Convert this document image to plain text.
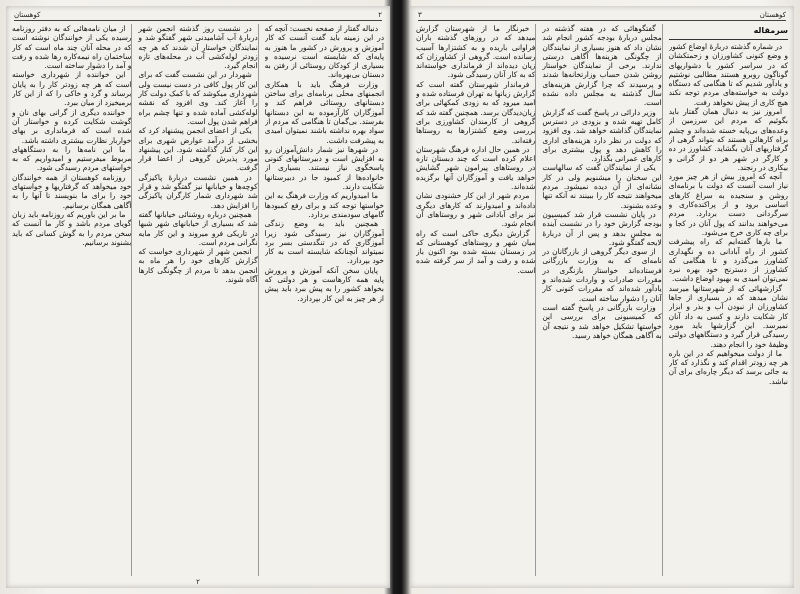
۲
کوهستان

دنباله گفتار از صفحه نخست: آنچه که در این زمینه باید گفت آنست که کار آموزش و پرورش در کشور ما هنوز به پایه‌ای که شایسته است نرسیده و بسیاری از کودکان روستائی از رفتن به دبستان بی‌بهره‌اند.

وزارت فرهنگ باید با همکاری انجمنهای محلی برنامه‌ای برای ساختن دبستانهای روستائی فراهم کند و آموزگاران کارآزموده به این دبستانها بفرستد. بی‌گمان تا هنگامی که مردم از سواد بهره نداشته باشند نمیتوان امیدی به پیشرفت داشت.

در شهرها نیز شمار دانش‌آموزان رو به افزایش است و دبیرستانهای کنونی پاسخگوی نیاز نیستند. بسیاری از خانواده‌ها از کمبود جا در دبیرستانها شکایت دارند.

ما امیدواریم که وزارت فرهنگ به این خواستها توجه کند و برای رفع کمبودها گامهای سودمندی بردارد.

همچنین باید به وضع زندگی آموزگاران نیز رسیدگی شود زیرا آموزگاری که در تنگدستی بسر برد نمیتواند آنچنانکه شایسته است به کار خود بپردازد.

پایان سخن آنکه آموزش و پرورش پایه همه کارهاست و هر دولتی که بخواهد کشور را به پیش ببرد باید پیش از هر چیز به این کار بپردازد.

در نشست روز گذشته انجمن شهر دربارهٔ آب آشامیدنی شهر گفتگو شد و نمایندگان خواستار آن شدند که هر چه زودتر لوله‌کشی آب در محله‌های تازه انجام گیرد.

شهردار در این نشست گفت که برای این کار پول کافی در دست نیست ولی شهرداری میکوشد که با کمک دولت کار را آغاز کند. وی افزود که نقشه لوله‌کشی آماده شده و تنها چشم براه فراهم شدن پول است.

یکی از اعضای انجمن پیشنهاد کرد که بخشی از درآمد عوارض شهری برای این کار کنار گذاشته شود. این پیشنهاد مورد پذیرش گروهی از اعضا قرار گرفت.

در همین نشست دربارهٔ پاکیزگی کوچه‌ها و خیابانها نیز گفتگو شد و قرار شد شهرداری شمار کارگران پاکیزگی را افزایش دهد.

همچنین درباره روشنائی خیابانها گفته شد که بسیاری از خیابانهای شهر شبها در تاریکی فرو میروند و این کار مایه نگرانی مردم است.

انجمن شهر از شهرداری خواست که گزارش کارهای خود را هر ماه به انجمن بدهد تا مردم از چگونگی کارها آگاه شوند.

از میان نامه‌هائی که به دفتر روزنامه رسیده یکی از خوانندگان نوشته است که در محله آنان چند ماه است که کار ساختمان راه نیمه‌کاره رها شده و رفت و آمد را دشوار ساخته است.

این خواننده از شهرداری خواسته است که هر چه زودتر کار را به پایان برساند و گرد و خاکی را که از این کار برمیخیزد از میان ببرد.

خواننده دیگری از گرانی بهای نان و گوشت شکایت کرده و خواستار آن شده است که فرمانداری بر بهای خواربار نظارت بیشتری داشته باشد.

ما این نامه‌ها را به دستگاههای مربوط میفرستیم و امیدواریم که به خواستهای مردم رسیدگی شود.

روزنامه کوهستان از همه خوانندگان خود میخواهد که گرفتاریها و خواستهای خود را برای ما بنویسند تا آنها را به آگاهی همگان برسانیم.

ما بر این باوریم که روزنامه باید زبان گویای مردم باشد و کار ما آنست که سخن مردم را به گوش کسانی که باید بشنوند برسانیم.

۲
کوهستان
۳
سرمقاله

در شماره گذشته دربارهٔ اوضاع کشور و وضع کنونی کشاورزان و زحمتکشان که در سراسر کشور با دشواریهای گوناگون روبرو هستند مطالبی نوشتیم و یادآور شدیم که تا هنگامی که دستگاه دولت به خواسته‌های مردم توجه نکند هیچ کاری از پیش نخواهد رفت.

امروز نیز به دنبال همان گفتار باید بگوئیم که مردم این سرزمین از وعده‌های بی‌پایه خسته شده‌اند و چشم براه کارهائی هستند که بتواند گرهی از گرفتاریهای آنان بگشاید. کشاورز در ده و کارگر در شهر هر دو از گرانی و بیکاری در رنجند.

آنچه که امروز بیش از هر چیز مورد نیاز است آنست که دولت با برنامه‌ای روشن و سنجیده به سراغ کارهای اساسی برود و از پراکنده‌کاری و سرگردانی دست بردارد. مردم می‌خواهند بدانند که پول آنان در کجا و برای چه کاری خرج می‌شود.

ما بارها گفته‌ایم که راه پیشرفت کشور از راه آبادانی ده و نگهداری کشاورز می‌گذرد و تا هنگامی که کشاورز از دسترنج خود بهره نبرد نمی‌توان امیدی به بهبود اوضاع داشت.

گزارشهائی که از شهرستانها میرسد نشان میدهد که در بسیاری از جاها کشاورزان از نبودن آب و بذر و ابزار کار شکایت دارند و کسی به داد آنان نمیرسد. این گزارشها باید مورد رسیدگی قرار گیرد و دستگاههای دولتی وظیفهٔ خود را انجام دهند.

ما از دولت میخواهیم که در این باره هر چه زودتر اقدام کند و نگذارد که کار به جائی برسد که دیگر چاره‌ای برای آن نباشد.

گفتگوهائی که در هفته گذشته در مجلس دربارهٔ بودجه کشور انجام شد نشان داد که هنوز بسیاری از نمایندگان از چگونگی هزینه‌ها آگاهی درستی ندارند. برخی از نمایندگان خواستار روشن شدن حساب وزارتخانه‌ها شدند و پرسیدند که چرا گزارش هزینه‌های سال گذشته به مجلس داده نشده است.

وزیر دارائی در پاسخ گفت که گزارش کامل تهیه شده و بزودی در دسترس نمایندگان گذاشته خواهد شد. وی افزود که دولت در نظر دارد هزینه‌های اداری را کاهش دهد و پول بیشتری برای کارهای عمرانی بگذارد.

یکی از نمایندگان گفت که سالهاست این سخنان را میشنویم ولی در کار نشانه‌ای از آن دیده نمیشود. مردم میخواهند نتیجه کار را ببینند نه آنکه تنها وعده بشنوند.

در پایان نشست قرار شد کمیسیون بودجه گزارش خود را در نشست آینده به مجلس بدهد و پس از آن دربارهٔ لایحه گفتگو شود.

از سوی دیگر گروهی از بازرگانان در نامه‌ای که به وزارت بازرگانی فرستاده‌اند خواستار بازنگری در مقررات صادرات و واردات شده‌اند و یادآور شده‌اند که مقررات کنونی کار آنان را دشوار ساخته است.

وزارت بازرگانی در پاسخ گفته است که کمیسیونی برای بررسی این خواستها تشکیل خواهد شد و نتیجه آن به آگاهی همگان خواهد رسید.

خبرنگار ما از شهرستان گزارش میدهد که در روزهای گذشته باران فراوانی باریده و به کشتزارها آسیب رسانده است. گروهی از کشاورزان که زیان دیده‌اند از فرمانداری خواسته‌اند که به کار آنان رسیدگی شود.

فرماندار شهرستان گفته است که گزارش زیانها به تهران فرستاده شده و امید میرود که به زودی کمکهائی برای زیان‌دیدگان برسد. همچنین گفته شد که گروهی از کارمندان کشاورزی برای بررسی وضع کشتزارها به روستاها رفته‌اند.

در همین حال اداره فرهنگ شهرستان اعلام کرده است که چند دبستان تازه در روستاهای پیرامون شهر گشایش خواهد یافت و آموزگاران آنها برگزیده شده‌اند.

مردم شهر از این کار خشنودی نشان داده‌اند و امیدوارند که کارهای دیگری نیز برای آبادانی شهر و روستاهای آن انجام شود.

گزارش دیگری حاکی است که راه میان شهر و روستاهای کوهستانی که در زمستان بسته شده بود اکنون باز شده و رفت و آمد از سر گرفته شده است.
